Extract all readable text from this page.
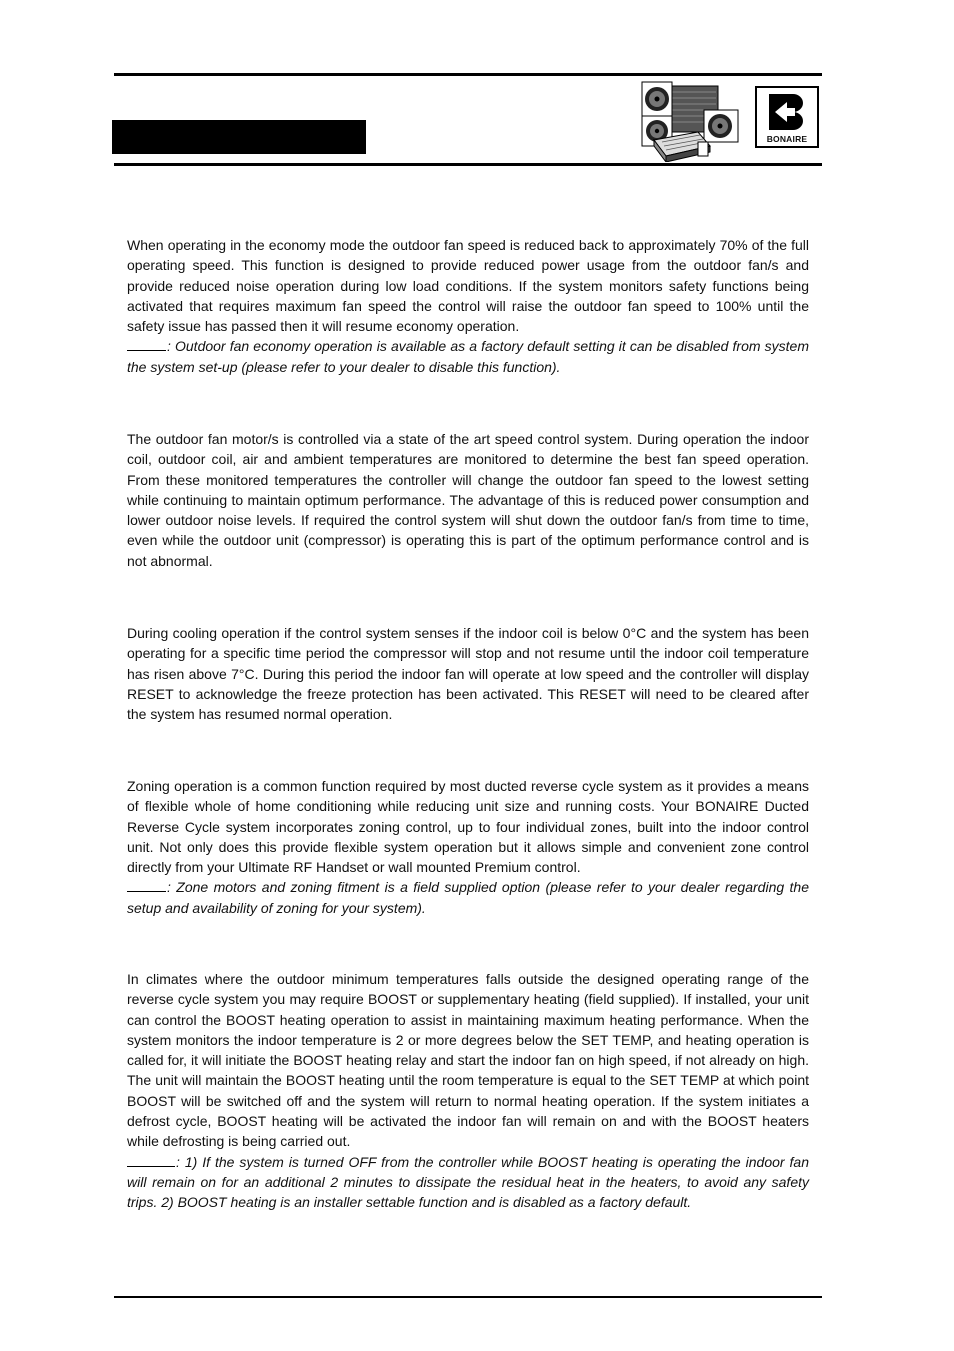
BONAIRE

When operating in the economy mode the outdoor fan speed is reduced back to approximately 70% of the full operating speed. This function is designed to provide reduced power usage from the outdoor fan/s and provide reduced noise operation during low load conditions. If the system monitors safety functions being activated that requires maximum fan speed the control will raise the outdoor fan speed to 100% until the safety issue has passed then it will resume economy operation.

: Outdoor fan economy operation is available as a factory default setting it can be disabled from system the system set-up (please refer to your dealer to disable this function).

The outdoor fan motor/s is controlled via a state of the art speed control system. During operation the indoor coil, outdoor coil, air and ambient temperatures are monitored to determine the best fan speed operation. From these monitored temperatures the controller will change the outdoor fan speed to the lowest setting while continuing to maintain optimum performance. The advantage of this is reduced power consumption and lower outdoor noise levels. If required the control system will shut down the outdoor fan/s from time to time, even while the outdoor unit (compressor) is operating this is part of the optimum performance control and is not abnormal.

During cooling operation if the control system senses if the indoor coil is below 0°C and the system has been operating for a specific time period the compressor will stop and not resume until the indoor coil temperature has risen above 7°C. During this period the indoor fan will operate at low speed and the controller will display RESET to acknowledge the freeze protection has been activated. This RESET will need to be cleared after the system has resumed normal operation.

Zoning operation is a common function required by most ducted reverse cycle system as it provides a means of flexible whole of home conditioning while reducing unit size and running costs. Your BONAIRE Ducted Reverse Cycle system incorporates zoning control, up to four individual zones, built into the indoor control unit. Not only does this provide flexible system operation but it allows simple and convenient zone control directly from your Ultimate RF Handset or wall mounted Premium control.

: Zone motors and zoning fitment is a field supplied option (please refer to your dealer regarding the setup and availability of zoning for your system).

In climates where the outdoor minimum temperatures falls outside the designed operating range of the reverse cycle system you may require BOOST or supplementary heating (field supplied). If installed, your unit can control the BOOST heating operation to assist in maintaining maximum heating performance. When the system monitors the indoor temperature is 2 or more degrees below the SET TEMP, and heating operation is called for, it will initiate the BOOST heating relay and start the indoor fan on high speed, if not already on high. The unit will maintain the BOOST heating until the room temperature is equal to the SET TEMP at which point BOOST will be switched off and the system will return to normal heating operation. If the system initiates a defrost cycle, BOOST heating will be activated the indoor fan will remain on and with the BOOST heaters while defrosting is being carried out.

: 1) If the system is turned OFF from the controller while BOOST heating is operating the indoor fan will remain on for an additional 2 minutes to dissipate the residual heat in the heaters, to avoid any safety trips. 2) BOOST heating is an installer settable function and is disabled as a factory default.
